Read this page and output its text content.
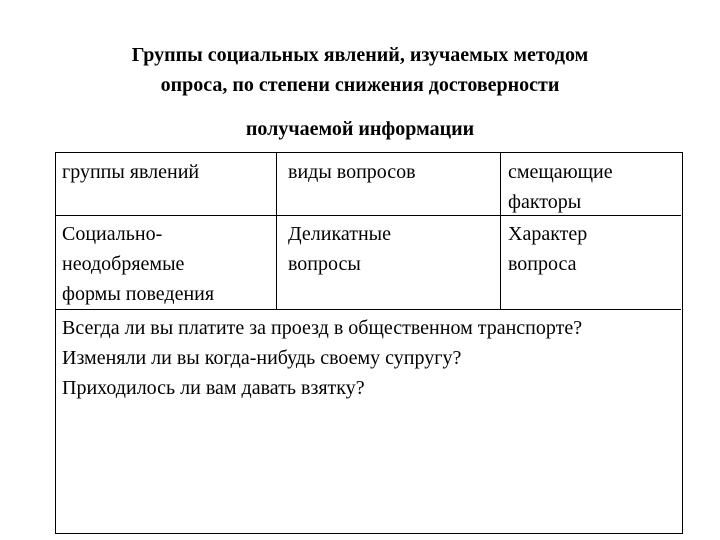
Группы социальных явлений, изучаемых методом
опроса, по степени снижения достоверности
получаемой информации
группы явлений	виды вопросов	смещающие
факторы
Социально-
неодобряемые
формы поведения
Деликатные
вопросы
Характер
вопроса
Всегда ли вы платите за проезд в общественном транспорте?
Изменяли ли вы когда-нибудь своему супругу?
Приходилось ли вам давать взятку?
